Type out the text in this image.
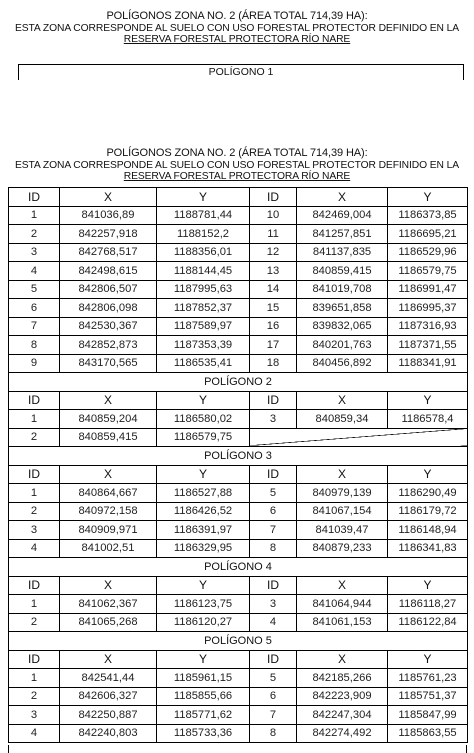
POLÍGONOS ZONA NO. 2 (ÁREA TOTAL 714,39 HA):
ESTA ZONA CORRESPONDE AL SUELO CON USO FORESTAL PROTECTOR DEFINIDO EN LA
RESERVA FORESTAL PROTECTORA RÍO NARE
POLÍGONO 1
POLÍGONOS ZONA NO. 2 (ÁREA TOTAL 714,39 HA):
ESTA ZONA CORRESPONDE AL SUELO CON USO FORESTAL PROTECTOR DEFINIDO EN LA
RESERVA FORESTAL PROTECTORA RÍO NARE
ID	X	Y	ID	X	Y
1	841036,89	1188781,44	10	842469,004	1186373,85
2	842257,918	1188152,2	11	841257,851	1186695,21
3	842768,517	1188356,01	12	841137,835	1186529,96
4	842498,615	1188144,45	13	840859,415	1186579,75
5	842806,507	1187995,63	14	841019,708	1186991,47
6	842806,098	1187852,37	15	839651,858	1186995,37
7	842530,367	1187589,97	16	839832,065	1187316,93
8	842852,873	1187353,39	17	840201,763	1187371,55
9	843170,565	1186535,41	18	840456,892	1188341,91
POLÍGONO 2					
ID	X	Y	ID	X	Y
1	840859,204	1186580,02	3	840859,34	1186578,4
2	840859,415	1186579,75			
POLÍGONO 3					
ID	X	Y	ID	X	Y
1	840864,667	1186527,88	5	840979,139	1186290,49
2	840972,158	1186426,52	6	841067,154	1186179,72
3	840909,971	1186391,97	7	841039,47	1186148,94
4	841002,51	1186329,95	8	840879,233	1186341,83
POLÍGONO 4					
ID	X	Y	ID	X	Y
1	841062,367	1186123,75	3	841064,944	1186118,27
2	841065,268	1186120,27	4	841061,153	1186122,84
POLÍGONO 5					
ID	X	Y	ID	X	Y
1	842541,44	1185961,15	5	842185,266	1185761,23
2	842606,327	1185855,66	6	842223,909	1185751,37
3	842250,887	1185771,62	7	842247,304	1185847,99
4	842240,803	1185733,36	8	842274,492	1185863,55
